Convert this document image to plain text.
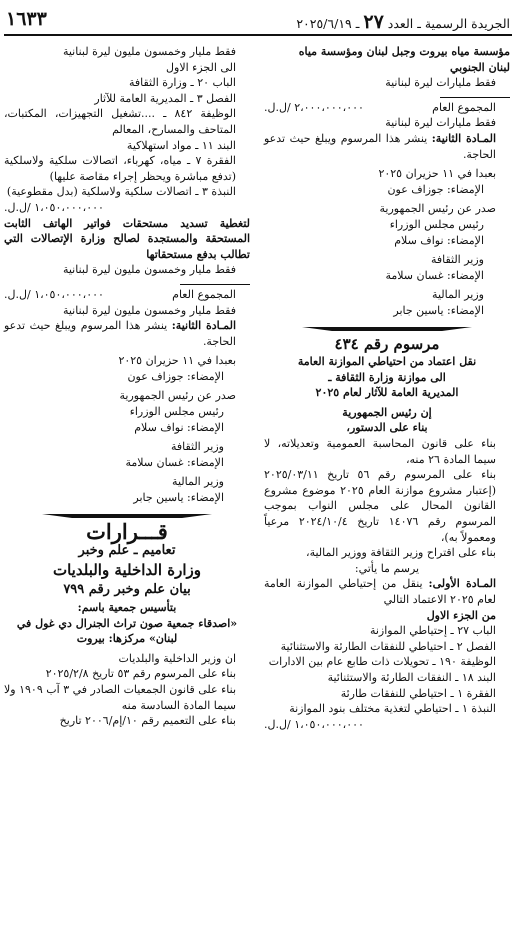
الجريدة الرسمية ـ العدد ٢٧ ـ ٢٠٢٥/٦/١٩
١٦٣٣

مؤسسة مياه بيروت وجبل لبنان ومؤسسة مياه

لبنان الجنوبي

فقط مليارات ليرة لبنانية

المجموع العام
٢،٠٠٠،٠٠٠،٠٠٠ /ل.ل.

فقط مليارات ليرة لبنانية

المـادة الثانية: ينشر هذا المرسوم ويبلغ حيث تدعو الحاجة.

بعبدا في ١١ حزيران ٢٠٢٥

الإمضاء: جوزاف عون

صدر عن رئيس الجمهورية

رئيس مجلس الوزراء

الإمضاء: نواف سلام

وزير الثقافة

الإمضاء: غسان سلامة

وزير المالية

الإمضاء: ياسين جابر

مرسوم رقم ٤٣٤

نقل اعتماد من احتياطي الموازنة العامة

الى موازنة وزارة الثقافة ـ

المديرية العامة للآثار لعام ٢٠٢٥

إن رئيس الجمهورية

بناء على الدستور،

بناء على قانون المحاسبة العمومية وتعديلاته، لا سيما المادة ٢٦ منه،

بناء على المرسوم رقم ٥٦ تاريخ ٢٠٢٥/٠٣/١١ (إعتبار مشروع موازنة العام ٢٠٢٥ موضوع مشروع القانون المحال على مجلس النواب بموجب المرسوم رقم ١٤٠٧٦ تاريخ ٢٠٢٤/١٠/٤ مرعياً ومعمولاً به)،

بناء على اقتراح وزير الثقافة ووزير المالية،

يرسم ما يأتي:

المـادة الأولى: ينقل من إحتياطي الموازنة العامة لعام ٢٠٢٥ الاعتماد التالي

من الجزء الاول

الباب ٢٧ ـ إحتياطي الموازنة

الفصل ٢ ـ احتياطي للنفقات الطارئة والاستثنائية

الوظيفة ١٩٠ ـ تحويلات ذات طابع عام بين الادارات

البند ١٨ ـ النفقات الطارئة والاستثنائية

الفقرة ١ ـ احتياطي للنفقات طارئة

النبذة ١ ـ احتياطي لتغذية مختلف بنود الموازنة

١،٠٥٠،٠٠٠،٠٠٠ /ل.ل.

فقط مليار وخمسون مليون ليرة لبنانية

الى الجزء الاول

الباب ٢٠ ـ وزارة الثقافة

الفصل ٣ ـ المديرية العامة للآثار

الوظيفة ٨٤٢ ـ ....تشغيل التجهيزات، المكتبات، المتاحف والمسارح، المعالم

البند ١١ ـ مواد استهلاكية

الفقرة ٧ ـ مياه، كهرباء، اتصالات سلكية ولاسلكية (تدفع مباشرة ويحظر إجراء مقاصة عليها)

النبذة ٣ ـ اتصالات سلكية ولاسلكية (بدل مقطوعية)

١،٠٥٠،٠٠٠،٠٠٠ /ل.ل.

لتغطية تسديد مستحقات فواتير الهاتف الثابت المستحقة والمستجدة لصالح وزارة الإتصالات التي تطالب بدفع مستحقاتها

فقط مليار وخمسون مليون ليرة لبنانية

المجموع العام
١،٠٥٠،٠٠٠،٠٠٠ /ل.ل.

فقط مليار وخمسون مليون ليرة لبنانية

المـادة الثانية: ينشر هذا المرسوم ويبلغ حيث تدعو الحاجة.

بعبدا في ١١ حزيران ٢٠٢٥

الإمضاء: جوزاف عون

صدر عن رئيس الجمهورية

رئيس مجلس الوزراء

الإمضاء: نواف سلام

وزير الثقافة

الإمضاء: غسان سلامة

وزير المالية

الإمضاء: ياسين جابر

قـــرارات

تعاميم ـ علم وخبر

وزارة الداخلية والبلديات

بيان علم وخبر رقم ٧٩٩

بتأسيس جمعية باسم:

«اصدقاء جمعية صون تراث الجنرال دي غول في لبنان» مركزها: بيروت

ان وزير الداخلية والبلديات

بناء على المرسوم رقم ٥٣ تاريخ ٢٠٢٥/٢/٨

بناء على قانون الجمعيات الصادر في ٣ آب ١٩٠٩ ولا سيما المادة السادسة منه

بناء على التعميم رقم ١٠/إم/٢٠٠٦ تاريخ
